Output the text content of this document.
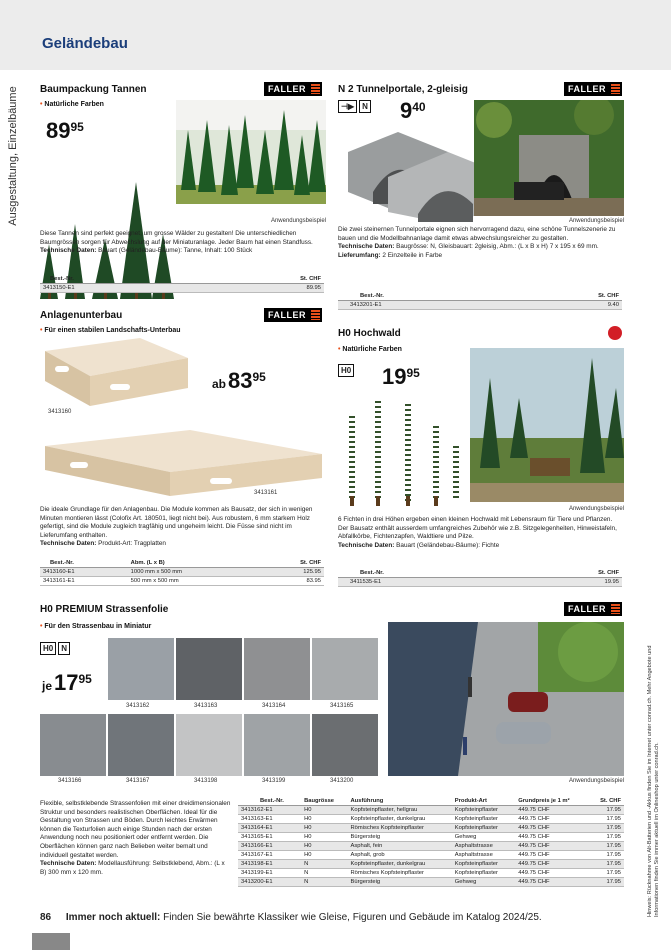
Geländebau
Ausgestaltung, Einzelbäume Baumpackung Tannen	FALLER
• Natürliche Farben
8995
Anwendungsbeispiel
Diese Tannen sind perfekt geeignet, um grosse Wälder zu gestalten! Die unterschiedlichen Baumgrössen sorgen für Abwechslung auf der Miniaturanlage. Jeder Baum hat einen Standfuss.
Technische Daten: Bauart (Geländebau-Bäume): Tanne, Inhalt: 100 Stück
Best.-Nr.	St. CHF
3413150-E1	89.95
N 2 Tunnelportale, 2-gleisig	FALLER
⊣▶ N 940
Anwendungsbeispiel
Die zwei steinernen Tunnelportale eignen sich hervorragend dazu, eine schöne Tunnelszenerie zu bauen und die Modellbahnanlage damit etwas abwechslungsreicher zu gestalten.
Technische Daten: Baugrösse: N, Gleisbauart: 2gleisig, Abm.: (L x B x H) 7 x 195 x 69 mm.
Lieferumfang: 2 Einzelteile in Farbe
Best.-Nr.	St. CHF
3413201-E1	9.40
Anlagenunterbau	FALLER
• Für einen stabilen Landschafts-Unterbau
3413160
ab 8395
3413161
Die ideale Grundlage für den Anlagenbau. Die Module kommen als Bausatz, der sich in wenigen Minuten montieren lässt (Colofix Art. 180501, liegt nicht bei). Aus robustem, 6 mm starkem Holz gefertigt, sind die Module zugleich tragfähig und ungeheim leicht. Die Füsse sind nicht im Lieferumfang enthalten.
Technische Daten: Produkt-Art: Tragplatten
Best.-Nr.	Abm. (L x B)	St. CHF
3413160-E1	1000 mm x 500 mm	125.95
3413161-E1	500 mm x 500 mm	83.95
H0 Hochwald
• Natürliche Farben
H0 1995
Anwendungsbeispiel
6 Fichten in drei Höhen ergeben einen kleinen Hochwald mit Lebensraum für Tiere und Pflanzen. Der Bausatz enthält ausserdem umfangreiches Zubehör wie z.B. Sitzgelegenheiten, Hinweistafeln, Abfallkörbe, Fichtenzapfen, Waldtiere und Pilze.
Technische Daten: Bauart (Geländebau-Bäume): Fichte
Best.-Nr.	St. CHF
3411535-E1	19.95
H0 PREMIUM Strassenfolie	FALLER
• Für den Strassenbau in Miniatur
H0 N
je 1795
3413162	3413163	3413164	3413165
3413166	3413167	3413198	3413199	3413200	Anwendungsbeispiel
Flexible, selbstklebende Strassenfolien mit einer dreidimensionalen Struktur und besonders realistischen Oberflächen. Ideal für die Gestaltung von Strassen und Böden. Durch leichtes Erwärmen können die Texturfolien auch einige Stunden nach der ersten Anwendung noch neu positioniert oder entfernt werden. Die Oberflächen können ganz nach Belieben weiter bemalt und individuell gestaltet werden.
Technische Daten: Modellausführung: Selbstklebend, Abm.: (L x B) 300 mm x 120 mm.
Best.-Nr.	Baugrösse	Ausführung	Produkt-Art	Grundpreis je 1 m²	St. CHF
3413162-E1	H0	Kopfsteinpflaster, hellgrau	Kopfsteinpflaster	449.75 CHF	17.95
3413163-E1	H0	Kopfsteinpflaster, dunkelgrau	Kopfsteinpflaster	449.75 CHF	17.95
3413164-E1	H0	Römisches Kopfsteinpflaster	Kopfsteinpflaster	449.75 CHF	17.95
3413165-E1	H0	Bürgersteig	Gehweg	449.75 CHF	17.95
3413166-E1	H0	Asphalt, fein	Asphaltstrasse	449.75 CHF	17.95
3413167-E1	H0	Asphalt, grob	Asphaltstrasse	449.75 CHF	17.95
3413198-E1	N	Kopfsteinpflaster, dunkelgrau	Kopfsteinpflaster	449.75 CHF	17.95
3413199-E1	N	Römisches Kopfsteinpflaster	Kopfsteinpflaster	449.75 CHF	17.95
3413200-E1	N	Bürgersteig	Gehweg	449.75 CHF	17.95	Hinweis: Rücknahme von Alt-Batterien und -Akkus finden Sie im Internet unter conrad.ch. Mehr Angebote und Informationen finden Sie immer aktuell im Onlineshop unter conrad.ch.
86 Immer noch aktuell: Finden Sie bewährte Klassiker wie Gleise, Figuren und Gebäude im Katalog 2024/25.
